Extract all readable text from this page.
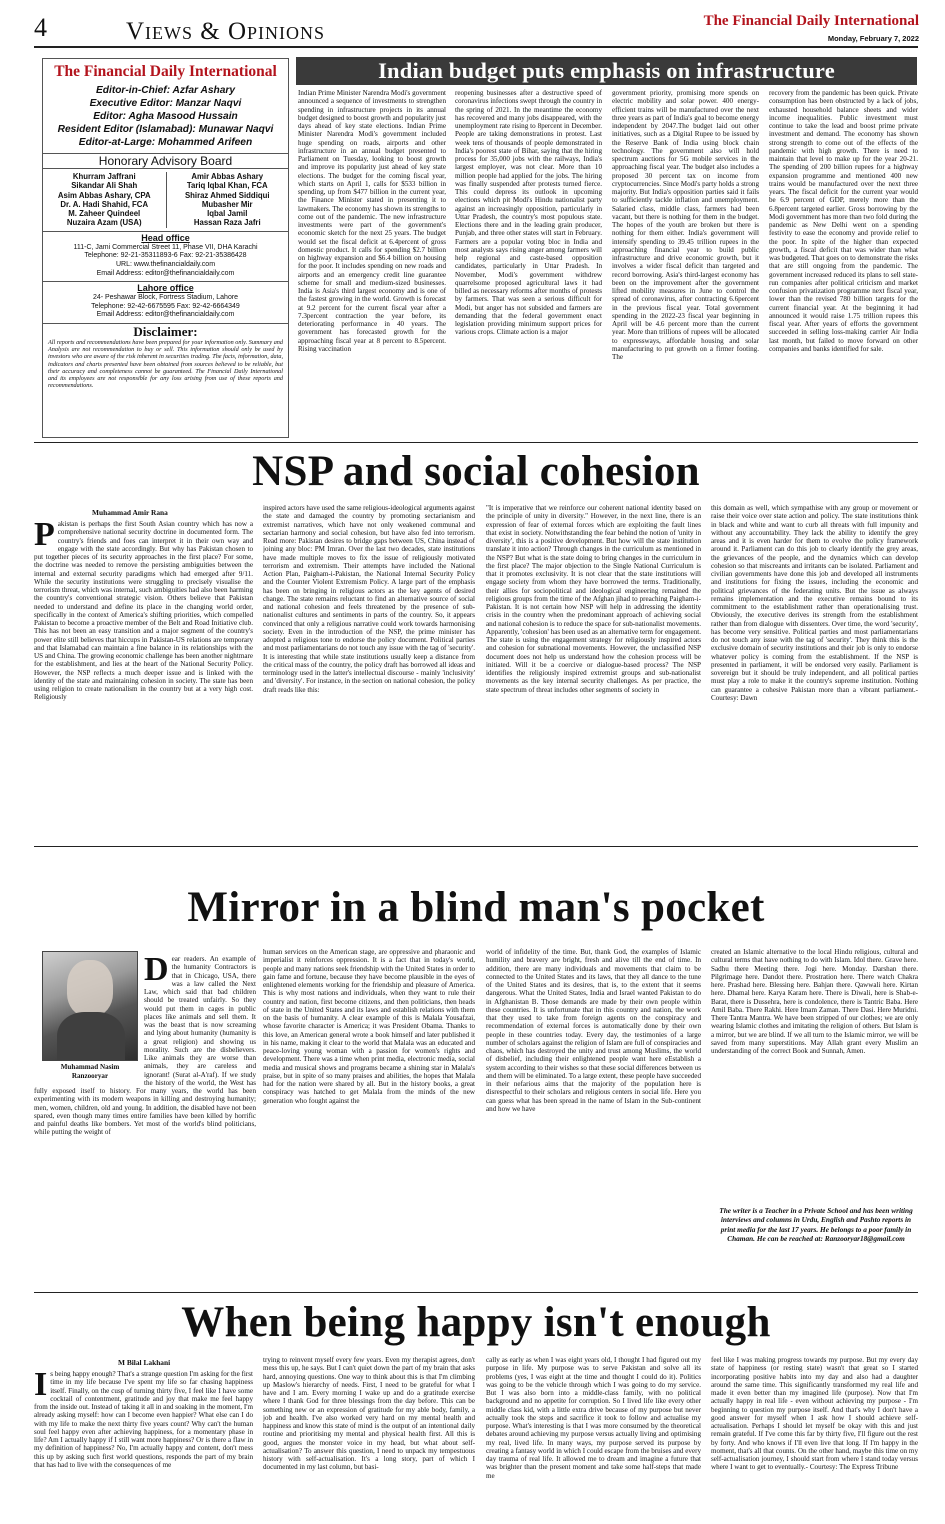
4	Views & Opinions	The Financial Daily International
Monday, February 7, 2022
The Financial Daily International
Editor-in-Chief: Azfar Ashary
Executive Editor: Manzar Naqvi
Editor: Agha Masood Hussain
Resident Editor (Islamabad): Munawar Naqvi
Editor-at-Large: Mohammed Arifeen
Honorary Advisory Board
Khurram Jaffrani
Sikandar Ali Shah
Asim Abbas Ashary, CPA
Dr. A. Hadi Shahid, FCA
M. Zaheer Quindeel
Nuzaira Azam (USA)
Amir Abbas Ashary
Tariq Iqbal Khan, FCA
Shiraz Ahmed Siddiqui
Mubasher Mir
Iqbal Jamil
Hassan Raza Jafri
Head office
111-C, Jami Commercial Street 11, Phase VII, DHA Karachi
Telephone: 92-21-35311893-6 Fax: 92-21-35386428
URL: www.thefinancialdaily.com
Email Address: editor@thefinancialdaily.com
Lahore office
24- Peshawar Block, Fortress Stadium, Lahore
Telephone: 92-42-6675595 Fax: 92-42-6664349
Email Address: editor@thefinancialdaily.com
Disclaimer:
All reports and recommendations have been prepared for your information only. Summary and Analysis are not recommendation to buy or sell. This information should only be used by investors who are aware of the risk inherent in securities trading. The facts, information, data, indicators and charts presented have been obtained from sources believed to be reliable, but their accuracy and completeness cannot be guaranteed. The Financial Daily International and its employees are not responsible for any loss arising from use of these reports and recommendations.
Indian budget puts emphasis on infrastructure
Indian Prime Minister Narendra Modi's government announced a sequence of investments to strengthen spending in infrastructure projects in its annual budget designed to boost growth and popularity just days ahead of key state elections. Indian Prime Minister Narendra Modi's government included huge spending on roads, airports and other infrastructure in an annual budget presented to Parliament on Tuesday, looking to boost growth and improve its popularity just ahead of key state elections. The budget for the coming fiscal year, which starts on April 1, calls for $533 billion in spending, up from $477 billion in the current year, the Finance Minister stated in presenting it to lawmakers. The economy has shown its strengths to come out of the pandemic. The new infrastructure investments were part of the government's economic sketch for the next 25 years. The budget would set the fiscal deficit at 6.4percent of gross domestic product. It calls for spending $2.7 billion on highway expansion and $6.4 billion on housing for the poor. It includes spending on new roads and airports and an emergency credit line guarantee scheme for small and medium-sized businesses. India is Asia's third largest economy and is one of the fastest growing in the world. Growth is forecast at 9.2 percent for the current fiscal year after a 7.3percent contraction the year before, its deteriorating performance in 40 years. The government has forecasted growth for the approaching fiscal year at 8 percent to 8.5percent. Rising vaccination
reopening businesses after a destructive speed of coronavirus infections swept through the country in the spring of 2021. In the meantime the economy has recovered and many jobs disappeared, with the unemployment rate rising to 8percent in December. People are taking demonstrations in protest. Last week tens of thousands of people demonstrated in India's poorest state of Bihar, saying that the hiring process for 35,000 jobs with the railways, India's largest employer, was not clear. More than 10 million people had applied for the jobs. The hiring was finally suspended after protests turned fierce. This could depress its outlook in upcoming elections which pit Modi's Hindu nationalist party against an increasingly opposition, particularly in Uttar Pradesh, the country's most populous state. Elections there and in the leading grain producer, Punjab, and three other states will start in February. Farmers are a popular voting bloc in India and most analysts says rising anger among farmers will help regional and caste-based opposition candidates, particularly in Uttar Pradesh. In November, Modi's government withdrew quarrelsome proposed agricultural laws it had billed as necessary reforms after months of protests by farmers. That was seen a serious difficult for Modi, but anger has not subsided and farmers are demanding that the federal government enact legislation providing minimum support prices for various crops. Climate action is a major
government priority, promising more spends on electric mobility and solar power. 400 energy-efficient trains will be manufactured over the next three years as part of India's goal to become energy independent by 2047.The budget laid out other initiatives, such as a Digital Rupee to be issued by the Reserve Bank of India using block chain technology. The government also will hold spectrum auctions for 5G mobile services in the approaching fiscal year. The budget also includes a proposed 30 percent tax on income from cryptocurrencies. Since Modi's party holds a strong majority. But India's opposition parties said it fails to sufficiently tackle inflation and unemployment. Salaried class, middle class, farmers had been vacant, but there is nothing for them in the budget. The hopes of the youth are broken but there is nothing for them either. India's government will intensify spending to 39.45 trillion rupees in the approaching financial year to build public infrastructure and drive economic growth, but it involves a wider fiscal deficit than targeted and record borrowing. Asia's third-largest economy has been on the improvement after the government lifted mobility measures in June to control the spread of coronavirus, after contracting 6.6percent in the previous fiscal year. Total government spending in the 2022-23 fiscal year beginning in April will be 4.6 percent more than the current year. More than trillions of rupees will be allocated to expressways, affordable housing and solar manufacturing to put growth on a firmer footing. The
recovery from the pandemic has been quick. Private consumption has been obstructed by a lack of jobs, exhausted household balance sheets and wider income inequalities. Public investment must continue to take the lead and boost prime private investment and demand. The economy has shown strong strength to come out of the effects of the pandemic with high growth. There is need to maintain that level to make up for the year 20-21. The spending of 200 billion rupees for a highway expansion programme and mentioned 400 new trains would be manufactured over the next three years. The fiscal deficit for the current year would be 6.9 percent of GDP, merely more than the 6.8percent targeted earlier. Gross borrowing by the Modi government has more than two fold during the pandemic as New Delhi went on a spending festivity to ease the economy and provide relief to the poor. In spite of the higher than expected growth, a fiscal deficit that was wider than what was budgeted. That goes on to demonstrate the risks that are still ongoing from the pandemic. The government increased reduced its plans to sell state-run companies after political criticism and market confusion privatization programme next fiscal year, lower than the revised 780 billion targets for the current financial year. At the beginning it had announced it would raise 1.75 trillion rupees this fiscal year. After years of efforts the government succeeded in selling loss-making carrier Air India last month, but failed to move forward on other companies and banks identified for sale.
NSP and social cohesion
Muhammad Amir Rana
Pakistan is perhaps the first South Asian country which has now a comprehensive national security doctrine in documented form. The country's friends and foes can interpret it in their own way and engage with the state accordingly. But why has Pakistan chosen to put together pieces of its security approaches in the first place? For some, the doctrine was needed to remove the persisting ambiguities between the internal and external security paradigms which had emerged after 9/11. While the security institutions were struggling to precisely visualise the terrorism threat, which was internal, such ambiguities had also been harming the country's conventional strategic vision. Others believe that Pakistan needed to understand and define its place in the changing world order, specifically in the context of America's shifting priorities, which compelled Pakistan to become a proactive member of the Belt and Road Initiative club. This has not been an easy transition and a major segment of the country's power elite still believes that hiccups in Pakistan-US relations are temporary and that Islamabad can maintain a fine balance in its relationships with the US and China. The growing economic challenge has been another nightmare for the establishment, and lies at the heart of the National Security Policy. However, the NSP reflects a much deeper issue and is linked with the identity of the state and maintaining cohesion in society. The state has been using religion to create nationalism in the country but at a very high cost. Religiously
inspired actors have used the same religious-ideological arguments against the state and damaged the country by promoting sectarianism and extremist narratives, which have not only weakened communal and sectarian harmony and social cohesion, but have also fed into terrorism. Read more: Pakistan desires to bridge gaps between US, China instead of joining any bloc: PM Imran. Over the last two decades, state institutions have made multiple moves to fix the issue of religiously motivated terrorism and extremism. Their attempts have included the National Action Plan, Paigham-i-Pakistan, the National Internal Security Policy and the Counter Violent Extremism Policy. A large part of the emphasis has been on bringing in religious actors as the key agents of desired change. The state remains reluctant to find an alternative source of social and national cohesion and feels threatened by the presence of sub-nationalist cultures and sentiments in parts of the country. So, it appears convinced that only a religious narrative could work towards harmonising society. Even in the introduction of the NSP, the prime minister has adopted a religious tone to endorse the policy document. Political parties and most parliamentarians do not touch any issue with the tag of 'security'. It is interesting that while state institutions usually keep a distance from the critical mass of the country, the policy draft has borrowed all ideas and terminology used in the latter's intellectual discourse - mainly 'inclusivity' and 'diversity'. For instance, in the section on national cohesion, the policy draft reads like this:
"It is imperative that we reinforce our coherent national identity based on the principle of unity in diversity." However, in the next line, there is an expression of fear of external forces which are exploiting the fault lines that exist in society. Notwithstanding the fear behind the notion of 'unity in diversity', this is a positive development. But how will the state institution translate it into action? Through changes in the curriculum as mentioned in the NSP? But what is the state doing to bring changes in the curriculum in the first place? The major objection to the Single National Curriculum is that it promotes exclusivity. It is not clear that the state institutions will engage society from whom they have borrowed the terms. Traditionally, their allies for sociopolitical and ideological engineering remained the religious groups from the time of the Afghan jihad to preaching Paigham-i-Pakistan. It is not certain how NSP will help in addressing the identity crisis in the country when the predominant approach of achieving social and national cohesion is to reduce the space for sub-nationalist movements. Apparently, 'cohesion' has been used as an alternative term for engagement. The state is using the engagement strategy for religiously inspired actors and cohesion for subnational movements. However, the unclassified NSP document does not help us understand how the cohesion process will be initiated. Will it be a coercive or dialogue-based process? The NSP identifies the religiously inspired extremist groups and sub-nationalist movements as the key internal security challenges. As per practice, the state spectrum of threat includes other segments of society in
this domain as well, which sympathise with any group or movement or raise their voice over state action and policy. The state institutions think in black and white and want to curb all threats with full impunity and without any accountability. They lack the ability to identify the grey areas and it is even harder for them to evolve the policy framework around it. Parliament can do this job to clearly identify the grey areas, the grievances of the people, and the dynamics which can develop cohesion so that miscreants and irritants can be isolated. Parliament and civilian governments have done this job and developed all instruments and institutions for fixing the issues, including the economic and political grievances of the federating units. But the issue as always remains implementation and the executive remains bound to its commitment to the establishment rather than operationalising trust. Obviously, the executive derives its strength from the establishment rather than from dialogue with dissenters. Over time, the word 'security', has become very sensitive. Political parties and most parliamentarians do not touch any issue with the tag of 'security'. They think this is the exclusive domain of security institutions and their job is only to endorse whatever policy is coming from the establishment. If the NSP is presented in parliament, it will be endorsed very easily. Parliament is sovereign but it should be truly independent, and all political parties must play a role to make it the country's supreme institution. Nothing can guarantee a cohesive Pakistan more than a vibrant parliament.-Courtesy: Dawn
Mirror in a blind man's pocket
Muhammad Nasim Ranzooryar
Dear readers. An example of the humanity Contractors is that in Chicago, USA, there was a law called the Next Law, which said that bad children should be treated unfairly. So they would put them in cages in public places like animals and sell them. It was the beast that is now screaming and lying about humanity (humanity is a great religion) and showing us morality. Such are the disbelievers. Like animals they are worse than animals, they are careless and ignorant! (Surat al-A'raf). If we study the history of the world, the West has fully exposed itself to history. For many years, the world has been experimenting with its modern weapons in killing and destroying humanity; men, women, children, old and young. In addition, the disabled have not been spared, even though many times entire families have been killed by horrific and painful deaths like bombers. Yet most of the world's blind politicians, while putting the weight of
human services on the American stage, are oppressive and pharaonic and imperialist it reinforces oppression. It is a fact that in today's world, people and many nations seek friendship with the United States in order to gain fame and fortune, because they have become plausible in the eyes of enlightened elements working for the friendship and pleasure of America. This is why most nations and individuals, when they want to rule their country and nation, first become citizens, and then politicians, then heads of state in the United States and its laws and establish relations with them on the basis of humanity. A clear example of this is Malala Yousafzai, whose favorite character is America; it was President Obama. Thanks to this love, an American general wrote a book himself and later published it in his name, making it clear to the world that Malala was an educated and peace-loving young woman with a passion for women's rights and development. There was a time when print media, electronic media, social media and musical shows and programs became a shining star in Malala's praise, but in spite of so many praises and abilities, the hopes that Malala had for the nation were shared by all. But in the history books, a great conspiracy was hatched to get Malala from the minds of the new generation who fought against the
world of infidelity of the time. But, thank God, the examples of Islamic humility and bravery are bright, fresh and alive till the end of time. In addition, there are many individuals and movements that claim to be connected to the United States and its laws, that they all dance to the tune of the United States and its desires, that is, to the extent that it seems dangerous. What the United States, India and Israel wanted Pakistan to do in Afghanistan B. Those demands are made by their own people within these countries. It is unfortunate that in this country and nation, the work that they used to take from foreign agents on the conspiracy and recommendation of external forces is automatically done by their own people in these countries today. Every day, the testimonies of a large number of scholars against the religion of Islam are full of conspiracies and chaos, which has destroyed the unity and trust among Muslims, the world of disbelief, including their enlightened people want here eEstablish a system according to their wishes so that these social differences between us and them will be eliminated. To a large extent, these people have succeeded in their nefarious aims that the majority of the population here is disrespectful to their scholars and religious centers in social life. Here you can guess what has been spread in the name of Islam in the Sub-continent and how we have
created an Islamic alternative to the local Hindu religious, cultural and cultural terms that have nothing to do with Islam. Idol there. Grave here. Sadhu there Meeting there. Jogi here. Monday. Darshan there. Pilgrimage here. Dandot there. Prostration here. There watch Chakra here. Prashad here. Blessing here. Bahjan there. Qawwali here. Kirtan here. Dhamal here. Karya Karam here. There is Diwali, here is Shab-e-Barat, there is Dussehra, here is condolence, there is Tantric Baba. Here Amil Baba. There Rakhi. Here Imam Zaman. There Dasi. Here Muridni. There Tantra Mantra. We have been stripped of our clothes; we are only wearing Islamic clothes and imitating the religion of others. But Islam is a mirror, but we are blind. If we all turn to the Islamic mirror, we will be saved from many superstitions. May Allah grant every Muslim an understanding of the correct Book and Sunnah, Amen.
The writer is a Teacher in a Private School and has been writing interviews and columns in Urdu, English and Pashto reports in print media for the last 17 years. He belongs to a poor family in Chaman. He can be reached at: Ranzooryar18@gmail.com
When being happy isn't enough
M Bilal Lakhani
Is being happy enough? That's a strange question I'm asking for the first time in my life because I've spent my life so far chasing happiness itself. Finally, on the cusp of turning thirty five, I feel like I have some cocktail of contentment, gratitude and joy that make me feel happy from the inside out. Instead of taking it all in and soaking in the moment, I'm already asking myself: how can I become even happier? What else can I do with my life to make the next thirty five years count? Why can't the human soul feel happy even after achieving happiness, for a momentary phase in life? Am I actually happy if I still want more happiness? Or is there a flaw in my definition of happiness? No, I'm actually happy and content, don't mess this up by asking such first world questions, responds the part of my brain that has had to live with the consequences of me
trying to reinvent myself every few years. Even my therapist agrees, don't mess this up, he says. But I can't quiet down the part of my brain that asks hard, annoying questions. One way to think about this is that I'm climbing up Maslow's hierarchy of needs. First, I need to be grateful for what I have and I am. Every morning I wake up and do a gratitude exercise where I thank God for three blessings from the day before. This can be something new or an expression of gratitude for my able body, family, a job and health. I've also worked very hard on my mental health and happiness and know this state of mind is the output of an intentional daily routine and prioritising my mental and physical health first. All this is good, argues the monster voice in my head, but what about self-actualisation? To answer this question, I need to unpack my tempestuous history with self-actualisation. It's a long story, part of which I documented in my last column, but basi-
cally as early as when I was eight years old, I thought I had figured out my purpose in life. My purpose was to serve Pakistan and solve all its problems (yes, I was eight at the time and thought I could do it). Politics was going to be the vehicle through which I was going to do my service. But I was also born into a middle-class family, with no political background and no appetite for corruption. So I lived life like every other middle class kid, with a little extra drive because of my purpose but never actually took the steps and sacrifice it took to follow and actualise my purpose. What's interesting is that I was more consumed by the theoretical debates around achieving my purpose versus actually living and optimising my real, lived life. In many ways, my purpose served its purpose by creating a fantasy world in which I could escape from the bruises and every day trauma of real life. It allowed me to dream and imagine a future that was brighter than the present moment and take some half-steps that made me
feel like I was making progress towards my purpose. But my every day state of happiness (or resting state) wasn't that great so I started incorporating positive habits into my day and also had a daughter around the same time. This significantly transformed my real life and made it even better than my imagined life (purpose). Now that I'm actually happy in real life - even without achieving my purpose - I'm beginning to question my purpose itself. And that's why I don't have a good answer for myself when I ask how I should achieve self-actualisation. Perhaps I should let myself be okay with this and just remain grateful. If I've come this far by thirty five, I'll figure out the rest by forty. And who knows if I'll even live that long. If I'm happy in the moment, that's all that counts. On the other hand, maybe this time on my self-actualisation journey, I should start from where I stand today versus where I want to get to eventually.- Courtesy: The Express Tribune
